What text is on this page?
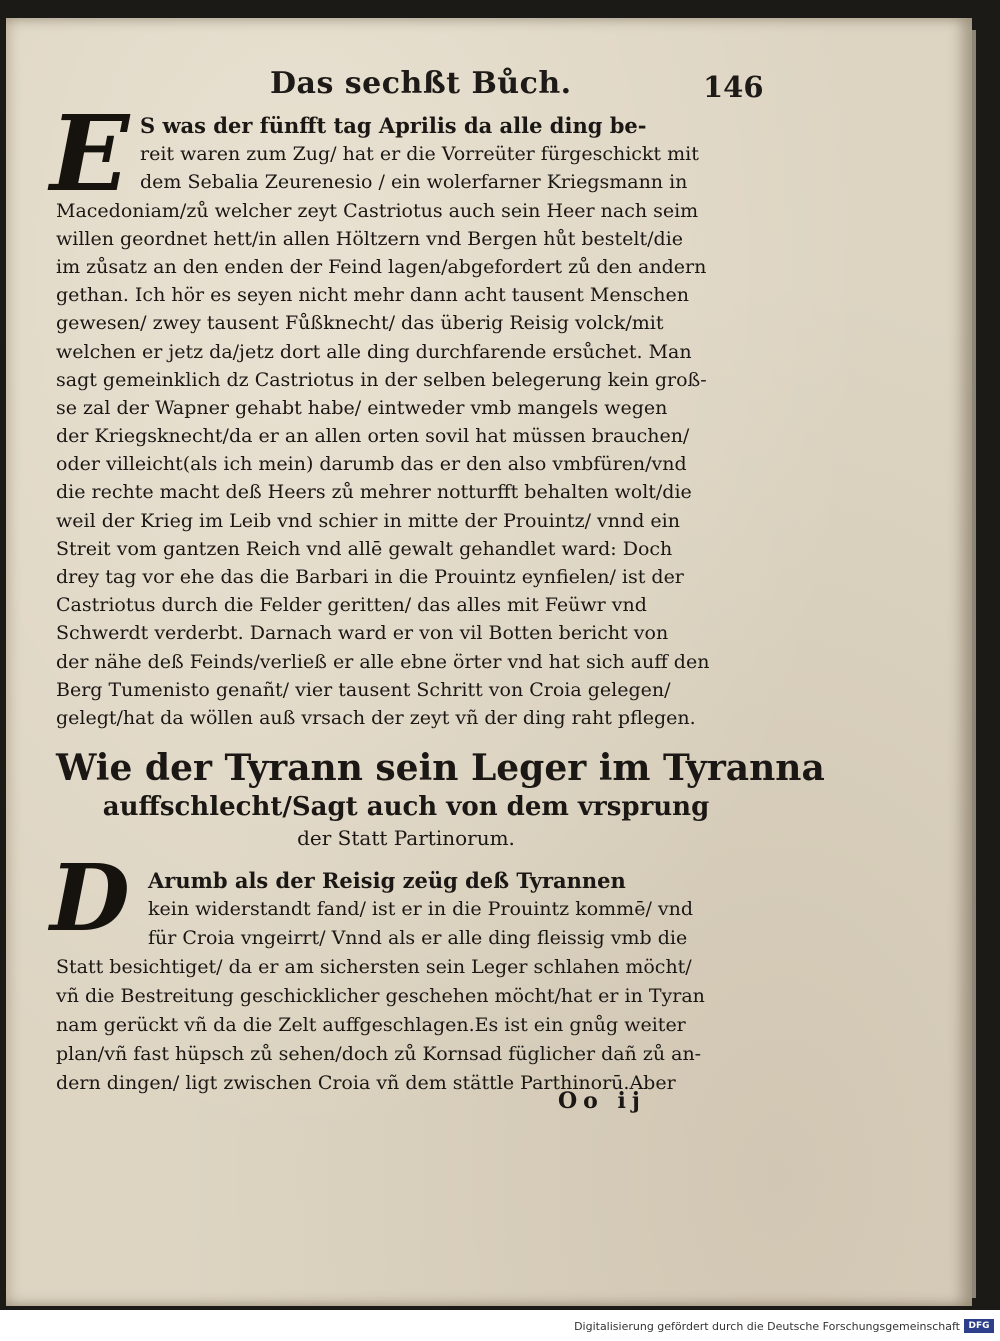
Das sechßt Bůch.	146
E S was der fünfft tag Aprilis da alle ding be-
reit waren zum Zug/ hat er die Vorreüter fürgeschickt mit
dem Sebalia Zeurenesio / ein wolerfarner Kriegsmann in
Macedoniam/zů welcher zeyt Castriotus auch sein Heer nach seim
willen geordnet hett/in allen Höltzern vnd Bergen hůt bestelt/die
im zůsatz an den enden der Feind lagen/abgefordert zů den andern
gethan. Ich hör es seyen nicht mehr dann acht tausent Menschen
gewesen/ zwey tausent Fůßknecht/ das überig Reisig volck/mit
welchen er jetz da/jetz dort alle ding durchfarende ersůchet. Man
sagt gemeinklich dz Castriotus in der selben belegerung kein groß-
se zal der Wapner gehabt habe/ eintweder vmb mangels wegen
der Kriegsknecht/da er an allen orten sovil hat müssen brauchen/
oder villeicht(als ich mein) darumb das er den also vmbfüren/vnd
die rechte macht deß Heers zů mehrer notturfft behalten wolt/die
weil der Krieg im Leib vnd schier in mitte der Prouintz/ vnnd ein
Streit vom gantzen Reich vnd allē gewalt gehandlet ward: Doch
drey tag vor ehe das die Barbari in die Prouintz eynfielen/ ist der
Castriotus durch die Felder geritten/ das alles mit Feüwr vnd
Schwerdt verderbt. Darnach ward er von vil Botten bericht von
der nähe deß Feinds/verließ er alle ebne örter vnd hat sich auff den
Berg Tumenisto genañt/ vier tausent Schritt von Croia gelegen/
gelegt/hat da wöllen auß vrsach der zeyt vñ der ding raht pflegen.
Wie der Tyrann sein Leger im Tyranna
auffschlecht/Sagt auch von dem vrsprung
der Statt Partinorum.
D Arumb als der Reisig zeüg deß Tyrannen
kein widerstandt fand/ ist er in die Prouintz kommē/ vnd
für Croia vngeirrt/ Vnnd als er alle ding fleissig vmb die
Statt besichtiget/ da er am sichersten sein Leger schlahen möcht/
vñ die Bestreitung geschicklicher geschehen möcht/hat er in Tyran
nam gerückt vñ da die Zelt auffgeschlagen.Es ist ein gnůg weiter
plan/vñ fast hüpsch zů sehen/doch zů Kornsad füglicher dañ zů an-
dern dingen/ ligt zwischen Croia vñ dem stättle Parthinorū.Aber
Oo ij
Digitalisierung gefördert durch die Deutsche Forschungsgemeinschaft DFG
